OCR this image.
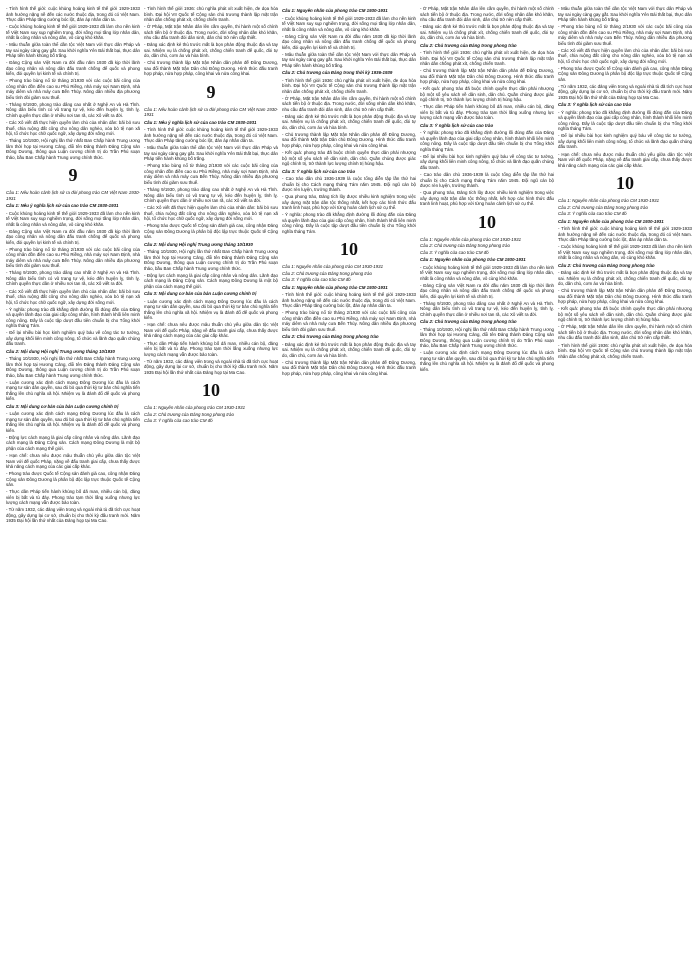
- Tình hình thế giới: cuộc khủng hoảng kinh tế thế giới 1929-1933 ảnh hưởng nặng nề đến các nước thuộc địa, trong đó có Việt Nam. Thực dân Pháp tăng cường bóc lột, đàn áp nhân dân ta.

- Cuộc khủng hoảng kinh tế thế giới 1929-1933 đã làm cho nền kinh tế Việt Nam suy sụp nghiêm trọng, đời sống mọi tầng lớp nhân dân, nhất là công nhân và nông dân, vô cùng khó khăn.

- Mâu thuẫn giữa toàn thể dân tộc Việt Nam với thực dân Pháp và tay sai ngày càng gay gắt. Sau khởi nghĩa Yên Bái thất bại, thực dân Pháp tiến hành khủng bố trắng.

- Đảng Cộng sản Việt Nam ra đời đầu năm 1930 đã kịp thời lãnh đạo công nhân và nông dân đấu tranh chống đế quốc và phong kiến, đòi quyền lợi kinh tế và chính trị.

- Phong trào bùng nổ từ tháng 2/1930 với các cuộc bãi công của công nhân đồn điền cao su Phú Riềng, nhà máy sợi Nam Định, nhà máy diêm và nhà máy cưa Bến Thủy. Nông dân nhiều địa phương biểu tình đòi giảm sưu thuế.

- Tháng 9/1930, phong trào dâng cao nhất ở Nghệ An và Hà Tĩnh. Nông dân biểu tình có vũ trang tự vệ, kéo đến huyện lỵ, tỉnh lỵ. Chính quyền thực dân ở nhiều nơi tan rã, các Xô viết ra đời.

- Các Xô viết đã thực hiện quyền làm chủ của nhân dân: bãi bỏ sưu thuế, chia ruộng đất công cho nông dân nghèo, xóa bỏ tệ nạn xã hội, tổ chức học chữ quốc ngữ, xây dựng đời sống mới.

- Tháng 10/1930, Hội nghị lần thứ nhất Ban Chấp hành Trung ương lâm thời họp tại Hương Cảng, đổi tên Đảng thành Đảng Cộng sản Đông Dương, thông qua Luận cương chính trị do Trần Phú soạn thảo, bầu Ban Chấp hành Trung ương chính thức.

9

Câu 1: Nêu hoàn cảnh lịch sử ra đời phong trào CM Việt Nam 1930-1931

Câu 1: Nêu ý nghĩa lịch sử của cao trào CM 1930-1931

- Cuộc khủng hoảng kinh tế thế giới 1929-1933 đã làm cho nền kinh tế Việt Nam suy sụp nghiêm trọng, đời sống mọi tầng lớp nhân dân, nhất là công nhân và nông dân, vô cùng khó khăn.

- Đảng Cộng sản Việt Nam ra đời đầu năm 1930 đã kịp thời lãnh đạo công nhân và nông dân đấu tranh chống đế quốc và phong kiến, đòi quyền lợi kinh tế và chính trị.

- Phong trào bùng nổ từ tháng 2/1930 với các cuộc bãi công của công nhân đồn điền cao su Phú Riềng, nhà máy sợi Nam Định, nhà máy diêm và nhà máy cưa Bến Thủy. Nông dân nhiều địa phương biểu tình đòi giảm sưu thuế.

- Tháng 9/1930, phong trào dâng cao nhất ở Nghệ An và Hà Tĩnh. Nông dân biểu tình có vũ trang tự vệ, kéo đến huyện lỵ, tỉnh lỵ. Chính quyền thực dân ở nhiều nơi tan rã, các Xô viết ra đời.

- Các Xô viết đã thực hiện quyền làm chủ của nhân dân: bãi bỏ sưu thuế, chia ruộng đất công cho nông dân nghèo, xóa bỏ tệ nạn xã hội, tổ chức học chữ quốc ngữ, xây dựng đời sống mới.

- Ý nghĩa: phong trào đã khẳng định đường lối đúng đắn của Đảng và quyền lãnh đạo của giai cấp công nhân, hình thành khối liên minh công nông. Đây là cuộc tập dượt đầu tiên chuẩn bị cho Tổng khởi nghĩa tháng Tám.

- Để lại nhiều bài học kinh nghiệm quý báu về công tác tư tưởng, xây dựng khối liên minh công nông, tổ chức và lãnh đạo quần chúng đấu tranh.

Câu 2: Nội dung Hội nghị Trung ương tháng 10/1930

- Tháng 10/1930, Hội nghị lần thứ nhất Ban Chấp hành Trung ương lâm thời họp tại Hương Cảng, đổi tên Đảng thành Đảng Cộng sản Đông Dương, thông qua Luận cương chính trị do Trần Phú soạn thảo, bầu Ban Chấp hành Trung ương chính thức.

- Luận cương xác định cách mạng Đông Dương lúc đầu là cách mạng tư sản dân quyền, sau đó bỏ qua thời kỳ tư bản chủ nghĩa tiến thẳng lên chủ nghĩa xã hội. Nhiệm vụ là đánh đổ đế quốc và phong kiến.

Câu 3: Nội dung cơ bản của bản Luận cương chính trị

- Luận cương xác định cách mạng Đông Dương lúc đầu là cách mạng tư sản dân quyền, sau đó bỏ qua thời kỳ tư bản chủ nghĩa tiến thẳng lên chủ nghĩa xã hội. Nhiệm vụ là đánh đổ đế quốc và phong kiến.

- Động lực cách mạng là giai cấp công nhân và nông dân. Lãnh đạo cách mạng là Đảng Cộng sản. Cách mạng Đông Dương là một bộ phận của cách mạng thế giới.

- Hạn chế: chưa nêu được mâu thuẫn chủ yếu giữa dân tộc Việt Nam với đế quốc Pháp, nặng về đấu tranh giai cấp, chưa thấy được khả năng cách mạng của các giai cấp khác.

- Phong trào được Quốc tế Cộng sản đánh giá cao, công nhận Đảng Cộng sản Đông Dương là phân bộ độc lập trực thuộc Quốc tế Cộng sản.

- Thực dân Pháp tiến hành khủng bố dã man, nhiều cán bộ, đảng viên bị bắt và tù đày. Phong trào tạm thời lắng xuống nhưng lực lượng cách mạng vẫn được bảo toàn.

- Từ năm 1932, các đảng viên trong và ngoài nhà tù đã tích cực hoạt động, gây dựng lại cơ sở, chuẩn bị cho thời kỳ đấu tranh mới. Năm 1935 Đại hội lần thứ nhất của Đảng họp tại Ma Cao.

- Tình hình thế giới 1936: chủ nghĩa phát xít xuất hiện, đe dọa hòa bình. Đại hội VII Quốc tế Cộng sản chủ trương thành lập mặt trận nhân dân chống phát xít, chống chiến tranh.

- Ở Pháp, Mặt trận Nhân dân lên cầm quyền, thi hành một số chính sách tiến bộ ở thuộc địa. Trong nước, đời sống nhân dân khó khăn, nhu cầu đấu tranh đòi dân sinh, dân chủ trở nên cấp thiết.

- Đảng xác định kẻ thù trước mắt là bọn phản động thuộc địa và tay sai. Nhiệm vụ là chống phát xít, chống chiến tranh đế quốc, đòi tự do, dân chủ, cơm áo và hòa bình.

- Chủ trương thành lập Mặt trận Nhân dân phản đế Đông Dương, sau đổi thành Mặt trận Dân chủ Đông Dương. Hình thức đấu tranh hợp pháp, nửa hợp pháp, công khai và nửa công khai.

9

Câu 1: Nêu hoàn cảnh lịch sử ra đời phong trào CM Việt Nam 1930-1931

Câu 1: Nêu ý nghĩa lịch sử của cao trào CM 1930-1931

- Tình hình thế giới: cuộc khủng hoảng kinh tế thế giới 1929-1933 ảnh hưởng nặng nề đến các nước thuộc địa, trong đó có Việt Nam. Thực dân Pháp tăng cường bóc lột, đàn áp nhân dân ta.

- Mâu thuẫn giữa toàn thể dân tộc Việt Nam với thực dân Pháp và tay sai ngày càng gay gắt. Sau khởi nghĩa Yên Bái thất bại, thực dân Pháp tiến hành khủng bố trắng.

- Phong trào bùng nổ từ tháng 2/1930 với các cuộc bãi công của công nhân đồn điền cao su Phú Riềng, nhà máy sợi Nam Định, nhà máy diêm và nhà máy cưa Bến Thủy. Nông dân nhiều địa phương biểu tình đòi giảm sưu thuế.

- Tháng 9/1930, phong trào dâng cao nhất ở Nghệ An và Hà Tĩnh. Nông dân biểu tình có vũ trang tự vệ, kéo đến huyện lỵ, tỉnh lỵ. Chính quyền thực dân ở nhiều nơi tan rã, các Xô viết ra đời.

- Các Xô viết đã thực hiện quyền làm chủ của nhân dân: bãi bỏ sưu thuế, chia ruộng đất công cho nông dân nghèo, xóa bỏ tệ nạn xã hội, tổ chức học chữ quốc ngữ, xây dựng đời sống mới.

- Phong trào được Quốc tế Cộng sản đánh giá cao, công nhận Đảng Cộng sản Đông Dương là phân bộ độc lập trực thuộc Quốc tế Cộng sản.

Câu 2: Nội dung Hội nghị Trung ương tháng 10/1930

- Tháng 10/1930, Hội nghị lần thứ nhất Ban Chấp hành Trung ương lâm thời họp tại Hương Cảng, đổi tên Đảng thành Đảng Cộng sản Đông Dương, thông qua Luận cương chính trị do Trần Phú soạn thảo, bầu Ban Chấp hành Trung ương chính thức.

- Động lực cách mạng là giai cấp công nhân và nông dân. Lãnh đạo cách mạng là Đảng Cộng sản. Cách mạng Đông Dương là một bộ phận của cách mạng thế giới.

Câu 3: Nội dung cơ bản của bản Luận cương chính trị

- Luận cương xác định cách mạng Đông Dương lúc đầu là cách mạng tư sản dân quyền, sau đó bỏ qua thời kỳ tư bản chủ nghĩa tiến thẳng lên chủ nghĩa xã hội. Nhiệm vụ là đánh đổ đế quốc và phong kiến.

- Hạn chế: chưa nêu được mâu thuẫn chủ yếu giữa dân tộc Việt Nam với đế quốc Pháp, nặng về đấu tranh giai cấp, chưa thấy được khả năng cách mạng của các giai cấp khác.

- Thực dân Pháp tiến hành khủng bố dã man, nhiều cán bộ, đảng viên bị bắt và tù đày. Phong trào tạm thời lắng xuống nhưng lực lượng cách mạng vẫn được bảo toàn.

- Từ năm 1932, các đảng viên trong và ngoài nhà tù đã tích cực hoạt động, gây dựng lại cơ sở, chuẩn bị cho thời kỳ đấu tranh mới. Năm 1935 Đại hội lần thứ nhất của Đảng họp tại Ma Cao.

10

Câu 1: Nguyên nhân của phong trào CM 1930-1931

Câu 2: Chủ trương của Đảng trong phong trào

Câu 3: Ý nghĩa của cao trào CM đó

Câu 1: Nguyên nhân của phong trào CM 1930-1931

- Cuộc khủng hoảng kinh tế thế giới 1929-1933 đã làm cho nền kinh tế Việt Nam suy sụp nghiêm trọng, đời sống mọi tầng lớp nhân dân, nhất là công nhân và nông dân, vô cùng khó khăn.

- Đảng Cộng sản Việt Nam ra đời đầu năm 1930 đã kịp thời lãnh đạo công nhân và nông dân đấu tranh chống đế quốc và phong kiến, đòi quyền lợi kinh tế và chính trị.

- Mâu thuẫn giữa toàn thể dân tộc Việt Nam với thực dân Pháp và tay sai ngày càng gay gắt. Sau khởi nghĩa Yên Bái thất bại, thực dân Pháp tiến hành khủng bố trắng.

Câu 2: Chủ trương của Đảng trong thời kỳ 1936-1939

- Tình hình thế giới 1936: chủ nghĩa phát xít xuất hiện, đe dọa hòa bình. Đại hội VII Quốc tế Cộng sản chủ trương thành lập mặt trận nhân dân chống phát xít, chống chiến tranh.

- Ở Pháp, Mặt trận Nhân dân lên cầm quyền, thi hành một số chính sách tiến bộ ở thuộc địa. Trong nước, đời sống nhân dân khó khăn, nhu cầu đấu tranh đòi dân sinh, dân chủ trở nên cấp thiết.

- Đảng xác định kẻ thù trước mắt là bọn phản động thuộc địa và tay sai. Nhiệm vụ là chống phát xít, chống chiến tranh đế quốc, đòi tự do, dân chủ, cơm áo và hòa bình.

- Chủ trương thành lập Mặt trận Nhân dân phản đế Đông Dương, sau đổi thành Mặt trận Dân chủ Đông Dương. Hình thức đấu tranh hợp pháp, nửa hợp pháp, công khai và nửa công khai.

- Kết quả: phong trào đã buộc chính quyền thực dân phải nhượng bộ một số yêu sách về dân sinh, dân chủ. Quần chúng được giác ngộ chính trị, trở thành lực lượng chính trị hùng hậu.

Câu 3: Ý nghĩa lịch sử của cao trào

- Cao trào dân chủ 1936-1939 là cuộc tổng diễn tập lần thứ hai chuẩn bị cho Cách mạng tháng Tám năm 1945. Đội ngũ cán bộ được rèn luyện, trưởng thành.

- Qua phong trào, Đảng tích lũy được nhiều kinh nghiệm trong việc xây dựng mặt trận dân tộc thống nhất, kết hợp các hình thức đấu tranh linh hoạt, phù hợp với từng hoàn cảnh lịch sử cụ thể.

- Ý nghĩa: phong trào đã khẳng định đường lối đúng đắn của Đảng và quyền lãnh đạo của giai cấp công nhân, hình thành khối liên minh công nông. Đây là cuộc tập dượt đầu tiên chuẩn bị cho Tổng khởi nghĩa tháng Tám.

10

Câu 1: Nguyên nhân của phong trào CM 1930-1931

Câu 2: Chủ trương của Đảng trong phong trào

Câu 3: Ý nghĩa của cao trào CM đó

Câu 1: Nguyên nhân của phong trào CM 1930-1931

- Tình hình thế giới: cuộc khủng hoảng kinh tế thế giới 1929-1933 ảnh hưởng nặng nề đến các nước thuộc địa, trong đó có Việt Nam. Thực dân Pháp tăng cường bóc lột, đàn áp nhân dân ta.

- Phong trào bùng nổ từ tháng 2/1930 với các cuộc bãi công của công nhân đồn điền cao su Phú Riềng, nhà máy sợi Nam Định, nhà máy diêm và nhà máy cưa Bến Thủy. Nông dân nhiều địa phương biểu tình đòi giảm sưu thuế.

Câu 2: Chủ trương của Đảng trong phong trào

- Đảng xác định kẻ thù trước mắt là bọn phản động thuộc địa và tay sai. Nhiệm vụ là chống phát xít, chống chiến tranh đế quốc, đòi tự do, dân chủ, cơm áo và hòa bình.

- Chủ trương thành lập Mặt trận Nhân dân phản đế Đông Dương, sau đổi thành Mặt trận Dân chủ Đông Dương. Hình thức đấu tranh hợp pháp, nửa hợp pháp, công khai và nửa công khai.

- Ở Pháp, Mặt trận Nhân dân lên cầm quyền, thi hành một số chính sách tiến bộ ở thuộc địa. Trong nước, đời sống nhân dân khó khăn, nhu cầu đấu tranh đòi dân sinh, dân chủ trở nên cấp thiết.

- Đảng xác định kẻ thù trước mắt là bọn phản động thuộc địa và tay sai. Nhiệm vụ là chống phát xít, chống chiến tranh đế quốc, đòi tự do, dân chủ, cơm áo và hòa bình.

Câu 2: Chủ trương của Đảng trong phong trào

- Tình hình thế giới 1936: chủ nghĩa phát xít xuất hiện, đe dọa hòa bình. Đại hội VII Quốc tế Cộng sản chủ trương thành lập mặt trận nhân dân chống phát xít, chống chiến tranh.

- Chủ trương thành lập Mặt trận Nhân dân phản đế Đông Dương, sau đổi thành Mặt trận Dân chủ Đông Dương. Hình thức đấu tranh hợp pháp, nửa hợp pháp, công khai và nửa công khai.

- Kết quả: phong trào đã buộc chính quyền thực dân phải nhượng bộ một số yêu sách về dân sinh, dân chủ. Quần chúng được giác ngộ chính trị, trở thành lực lượng chính trị hùng hậu.

- Thực dân Pháp tiến hành khủng bố dã man, nhiều cán bộ, đảng viên bị bắt và tù đày. Phong trào tạm thời lắng xuống nhưng lực lượng cách mạng vẫn được bảo toàn.

Câu 3: Ý nghĩa lịch sử của cao trào

- Ý nghĩa: phong trào đã khẳng định đường lối đúng đắn của Đảng và quyền lãnh đạo của giai cấp công nhân, hình thành khối liên minh công nông. Đây là cuộc tập dượt đầu tiên chuẩn bị cho Tổng khởi nghĩa tháng Tám.

- Để lại nhiều bài học kinh nghiệm quý báu về công tác tư tưởng, xây dựng khối liên minh công nông, tổ chức và lãnh đạo quần chúng đấu tranh.

- Cao trào dân chủ 1936-1939 là cuộc tổng diễn tập lần thứ hai chuẩn bị cho Cách mạng tháng Tám năm 1945. Đội ngũ cán bộ được rèn luyện, trưởng thành.

- Qua phong trào, Đảng tích lũy được nhiều kinh nghiệm trong việc xây dựng mặt trận dân tộc thống nhất, kết hợp các hình thức đấu tranh linh hoạt, phù hợp với từng hoàn cảnh lịch sử cụ thể.

10

Câu 1: Nguyên nhân của phong trào CM 1930-1931

Câu 2: Chủ trương của Đảng trong phong trào

Câu 3: Ý nghĩa của cao trào CM đó

Câu 1: Nguyên nhân của phong trào CM 1930-1931

- Cuộc khủng hoảng kinh tế thế giới 1929-1933 đã làm cho nền kinh tế Việt Nam suy sụp nghiêm trọng, đời sống mọi tầng lớp nhân dân, nhất là công nhân và nông dân, vô cùng khó khăn.

- Đảng Cộng sản Việt Nam ra đời đầu năm 1930 đã kịp thời lãnh đạo công nhân và nông dân đấu tranh chống đế quốc và phong kiến, đòi quyền lợi kinh tế và chính trị.

- Tháng 9/1930, phong trào dâng cao nhất ở Nghệ An và Hà Tĩnh. Nông dân biểu tình có vũ trang tự vệ, kéo đến huyện lỵ, tỉnh lỵ. Chính quyền thực dân ở nhiều nơi tan rã, các Xô viết ra đời.

Câu 2: Chủ trương của Đảng trong phong trào

- Tháng 10/1930, Hội nghị lần thứ nhất Ban Chấp hành Trung ương lâm thời họp tại Hương Cảng, đổi tên Đảng thành Đảng Cộng sản Đông Dương, thông qua Luận cương chính trị do Trần Phú soạn thảo, bầu Ban Chấp hành Trung ương chính thức.

- Luận cương xác định cách mạng Đông Dương lúc đầu là cách mạng tư sản dân quyền, sau đó bỏ qua thời kỳ tư bản chủ nghĩa tiến thẳng lên chủ nghĩa xã hội. Nhiệm vụ là đánh đổ đế quốc và phong kiến.

- Mâu thuẫn giữa toàn thể dân tộc Việt Nam với thực dân Pháp và tay sai ngày càng gay gắt. Sau khởi nghĩa Yên Bái thất bại, thực dân Pháp tiến hành khủng bố trắng.

- Phong trào bùng nổ từ tháng 2/1930 với các cuộc bãi công của công nhân đồn điền cao su Phú Riềng, nhà máy sợi Nam Định, nhà máy diêm và nhà máy cưa Bến Thủy. Nông dân nhiều địa phương biểu tình đòi giảm sưu thuế.

- Các Xô viết đã thực hiện quyền làm chủ của nhân dân: bãi bỏ sưu thuế, chia ruộng đất công cho nông dân nghèo, xóa bỏ tệ nạn xã hội, tổ chức học chữ quốc ngữ, xây dựng đời sống mới.

- Phong trào được Quốc tế Cộng sản đánh giá cao, công nhận Đảng Cộng sản Đông Dương là phân bộ độc lập trực thuộc Quốc tế Cộng sản.

- Từ năm 1932, các đảng viên trong và ngoài nhà tù đã tích cực hoạt động, gây dựng lại cơ sở, chuẩn bị cho thời kỳ đấu tranh mới. Năm 1935 Đại hội lần thứ nhất của Đảng họp tại Ma Cao.

Câu 3: Ý nghĩa lịch sử của cao trào

- Ý nghĩa: phong trào đã khẳng định đường lối đúng đắn của Đảng và quyền lãnh đạo của giai cấp công nhân, hình thành khối liên minh công nông. Đây là cuộc tập dượt đầu tiên chuẩn bị cho Tổng khởi nghĩa tháng Tám.

- Để lại nhiều bài học kinh nghiệm quý báu về công tác tư tưởng, xây dựng khối liên minh công nông, tổ chức và lãnh đạo quần chúng đấu tranh.

- Hạn chế: chưa nêu được mâu thuẫn chủ yếu giữa dân tộc Việt Nam với đế quốc Pháp, nặng về đấu tranh giai cấp, chưa thấy được khả năng cách mạng của các giai cấp khác.

10

Câu 1: Nguyên nhân của phong trào CM 1930-1931

Câu 2: Chủ trương của Đảng trong phong trào

Câu 3: Ý nghĩa của cao trào CM đó

Câu 1: Nguyên nhân của phong trào CM 1930-1931

- Tình hình thế giới: cuộc khủng hoảng kinh tế thế giới 1929-1933 ảnh hưởng nặng nề đến các nước thuộc địa, trong đó có Việt Nam. Thực dân Pháp tăng cường bóc lột, đàn áp nhân dân ta.

- Cuộc khủng hoảng kinh tế thế giới 1929-1933 đã làm cho nền kinh tế Việt Nam suy sụp nghiêm trọng, đời sống mọi tầng lớp nhân dân, nhất là công nhân và nông dân, vô cùng khó khăn.

Câu 2: Chủ trương của Đảng trong phong trào

- Đảng xác định kẻ thù trước mắt là bọn phản động thuộc địa và tay sai. Nhiệm vụ là chống phát xít, chống chiến tranh đế quốc, đòi tự do, dân chủ, cơm áo và hòa bình.

- Chủ trương thành lập Mặt trận Nhân dân phản đế Đông Dương, sau đổi thành Mặt trận Dân chủ Đông Dương. Hình thức đấu tranh hợp pháp, nửa hợp pháp, công khai và nửa công khai.

- Kết quả: phong trào đã buộc chính quyền thực dân phải nhượng bộ một số yêu sách về dân sinh, dân chủ. Quần chúng được giác ngộ chính trị, trở thành lực lượng chính trị hùng hậu.

- Ở Pháp, Mặt trận Nhân dân lên cầm quyền, thi hành một số chính sách tiến bộ ở thuộc địa. Trong nước, đời sống nhân dân khó khăn, nhu cầu đấu tranh đòi dân sinh, dân chủ trở nên cấp thiết.

- Tình hình thế giới 1936: chủ nghĩa phát xít xuất hiện, đe dọa hòa bình. Đại hội VII Quốc tế Cộng sản chủ trương thành lập mặt trận nhân dân chống phát xít, chống chiến tranh.
